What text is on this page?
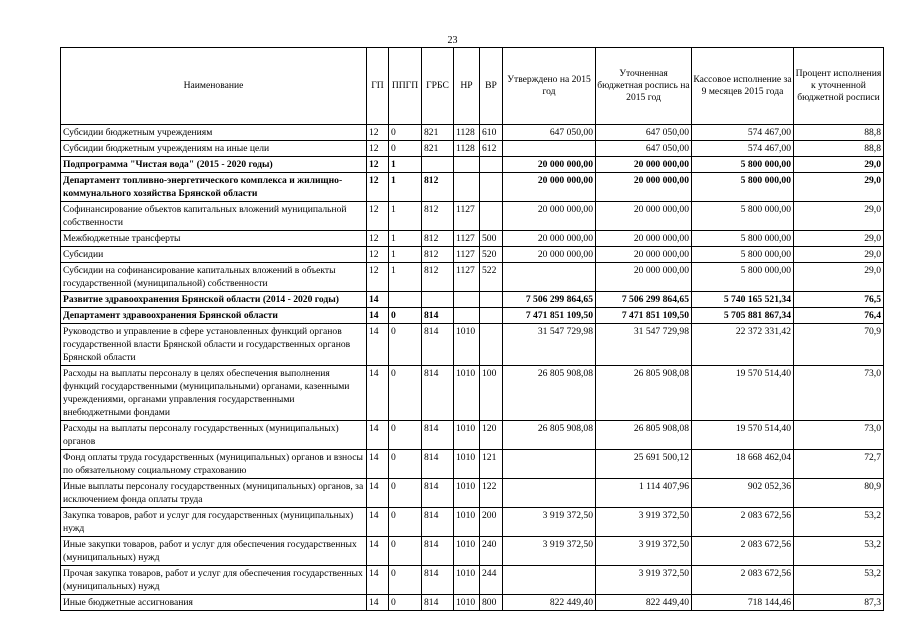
23
Наименование	ГП	ППГП	ГРБС	НР	ВР	Утверждено на 2015 год	Уточненная бюджетная роспись на 2015 год	Кассовое исполнение за 9 месяцев 2015 года	Процент исполнения к уточненной бюджетной росписи
Субсидии бюджетным учреждениям	12	0	821	1128	610	647 050,00	647 050,00	574 467,00	88,8
Субсидии бюджетным учреждениям на иные цели	12	0	821	1128	612		647 050,00	574 467,00	88,8
Подпрограмма "Чистая вода" (2015 - 2020 годы)	12	1				20 000 000,00	20 000 000,00	5 800 000,00	29,0
Департамент топливно-энергетического комплекса и жилищно-коммунального хозяйства Брянской области	12	1	812			20 000 000,00	20 000 000,00	5 800 000,00	29,0
Софинансирование объектов капитальных вложений муниципальной собственности	12	1	812	1127		20 000 000,00	20 000 000,00	5 800 000,00	29,0
Межбюджетные трансферты	12	1	812	1127	500	20 000 000,00	20 000 000,00	5 800 000,00	29,0
Субсидии	12	1	812	1127	520	20 000 000,00	20 000 000,00	5 800 000,00	29,0
Субсидии на софинансирование капитальных вложений в объекты государственной (муниципальной) собственности	12	1	812	1127	522		20 000 000,00	5 800 000,00	29,0
Развитие здравоохранения Брянской области (2014 - 2020 годы)	14					7 506 299 864,65	7 506 299 864,65	5 740 165 521,34	76,5
Департамент здравоохранения Брянской области	14	0	814			7 471 851 109,50	7 471 851 109,50	5 705 881 867,34	76,4
Руководство и управление в сфере установленных функций органов государственной власти Брянской области и государственных органов Брянской области	14	0	814	1010		31 547 729,98	31 547 729,98	22 372 331,42	70,9
Расходы на выплаты персоналу в целях обеспечения выполнения функций государственными (муниципальными) органами, казенными учреждениями, органами управления государственными внебюджетными фондами	14	0	814	1010	100	26 805 908,08	26 805 908,08	19 570 514,40	73,0
Расходы на выплаты персоналу государственных (муниципальных) органов	14	0	814	1010	120	26 805 908,08	26 805 908,08	19 570 514,40	73,0
Фонд оплаты труда государственных (муниципальных) органов и взносы по обязательному социальному страхованию	14	0	814	1010	121		25 691 500,12	18 668 462,04	72,7
Иные выплаты персоналу государственных (муниципальных) органов, за исключением фонда оплаты труда	14	0	814	1010	122		1 114 407,96	902 052,36	80,9
Закупка товаров, работ и услуг для государственных (муниципальных) нужд	14	0	814	1010	200	3 919 372,50	3 919 372,50	2 083 672,56	53,2
Иные закупки товаров, работ и услуг для обеспечения государственных (муниципальных) нужд	14	0	814	1010	240	3 919 372,50	3 919 372,50	2 083 672,56	53,2
Прочая закупка товаров, работ и услуг для обеспечения государственных (муниципальных) нужд	14	0	814	1010	244		3 919 372,50	2 083 672,56	53,2
Иные бюджетные ассигнования	14	0	814	1010	800	822 449,40	822 449,40	718 144,46	87,3
